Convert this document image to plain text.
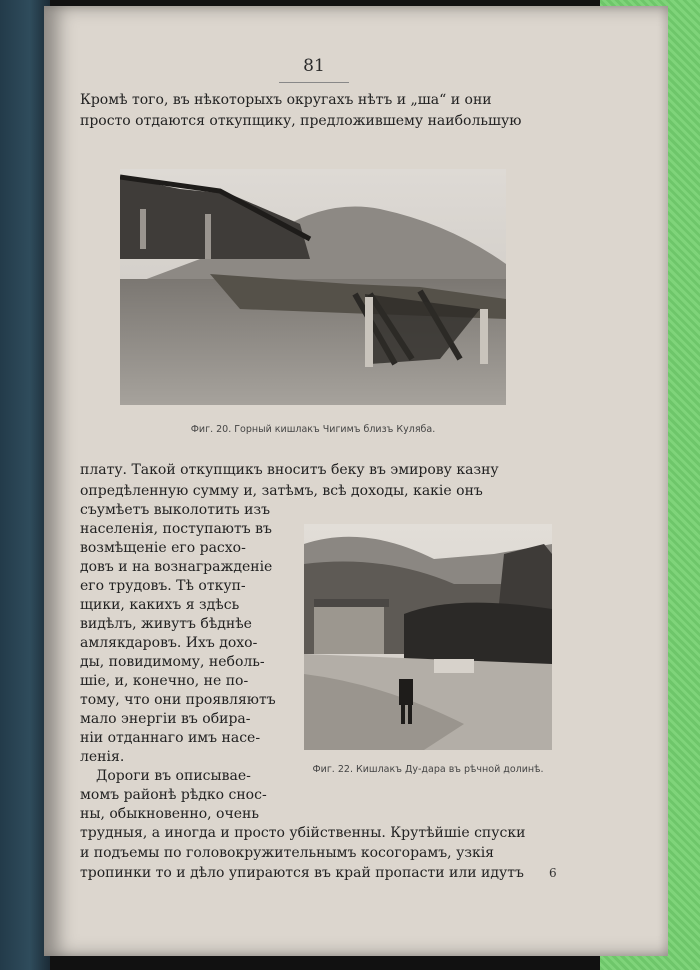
81
Кромѣ того, въ нѣкоторыхъ округахъ нѣтъ и „ша“ и они
просто отдаются откупщику, предложившему наибольшую
Фиг. 20. Горный кишлакъ Чигимъ близъ Куляба.
плату. Такой откупщикъ вноситъ беку въ эмирову казну
опредѣленную сумму и, затѣмъ, всѣ доходы, какіе онъ
съумѣетъ выколотить изъ
населенія, поступаютъ въ
возмѣщеніе его расхо-
довъ и на вознагражденіе
его трудовъ. Тѣ откуп-
щики, какихъ я здѣсь
видѣлъ, живутъ бѣднѣе
амлякдаровъ. Ихъ дохо-
ды, повидимому, неболь-
шіе, и, конечно, не по-
тому, что они проявляютъ
мало энергіи въ обира-
ніи отданнаго имъ насе-
ленія.
Дороги въ описывае-
момъ районѣ рѣдко снос-
ны, обыкновенно, очень
Фиг. 22. Кишлакъ Ду-дара въ рѣчной долинѣ.
трудныя, а иногда и просто убійственны. Крутѣйшіе спуски
и подъемы по головокружительнымъ косогорамъ, узкія
тропинки то и дѣло упираются въ край пропасти или идутъ 6
